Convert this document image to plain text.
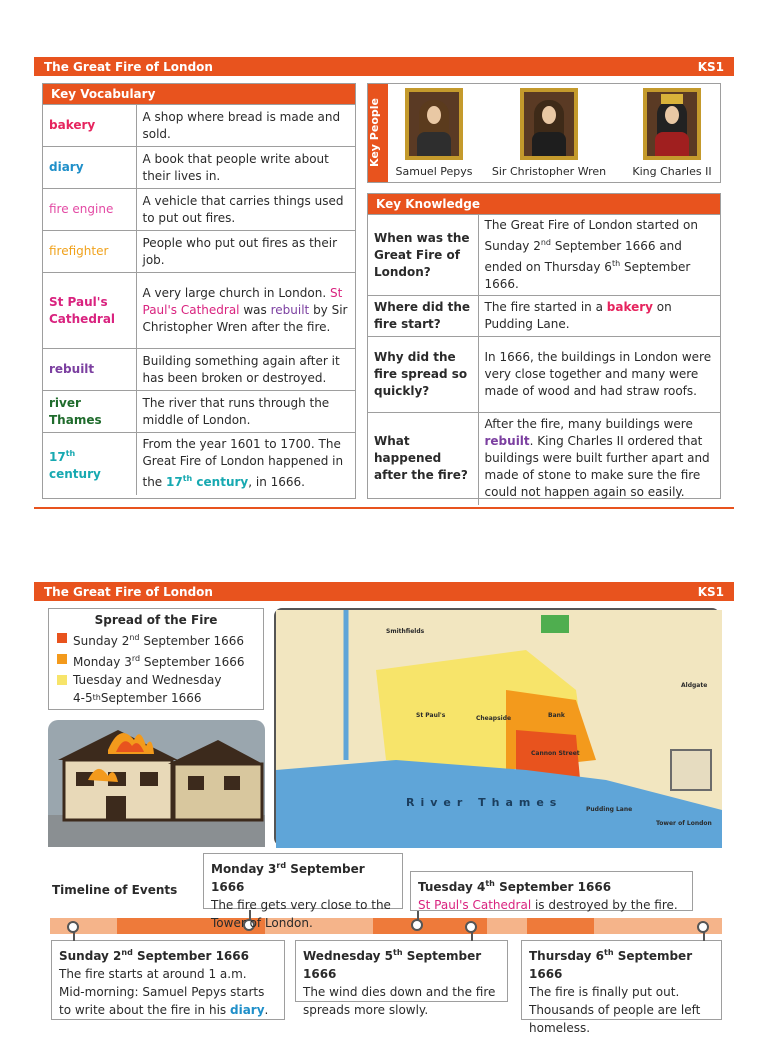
The Great Fire of London	KS1
Key Vocabulary
bakery	A shop where bread is made and sold.
diary	A book that people write about their lives in.
fire engine	A vehicle that carries things used to put out fires.
firefighter	People who put out fires as their job.
St Paul's Cathedral	A very large church in London. St Paul's Cathedral was rebuilt by Sir Christopher Wren after the fire.
rebuilt	Building something again after it has been broken or destroyed.
river Thames	The river that runs through the middle of London.
17th century	From the year 1601 to 1700. The Great Fire of London happened in the 17th century, in 1666.
Key People
Samuel Pepys	Sir Christopher Wren	King Charles II
Key Knowledge
When was the Great Fire of London?	The Great Fire of London started on Sunday 2nd September 1666 and ended on Thursday 6th September 1666.
Where did the fire start?	The fire started in a bakery on Pudding Lane.
Why did the fire spread so quickly?	In 1666, the buildings in London were very close together and many were made of wood and had straw roofs.
What happened after the fire?	After the fire, many buildings were rebuilt. King Charles II ordered that buildings were built further apart and made of stone to make sure the fire could not happen again so easily.
The Great Fire of London	KS1
Spread of the Fire
Sunday 2nd September 1666
Monday 3rd September 1666
Tuesday and Wednesday
4-5 th September 1666
River Thames
Smithfields
Cheapside
St Paul's	Bank
Cannon Street
Pudding Lane
Tower of London
Aldgate
Timeline of Events
Monday 3rd September 1666
The fire gets very close to the Tower of London.
Tuesday 4th September 1666
St Paul's Cathedral is destroyed by the fire.
Sunday 2nd September 1666
The fire starts at around 1 a.m.
Mid-morning: Samuel Pepys starts to write about the fire in his diary.
Wednesday 5th September 1666
The wind dies down and the fire spreads more slowly.
Thursday 6th September 1666
The fire is finally put out. Thousands of people are left homeless.
